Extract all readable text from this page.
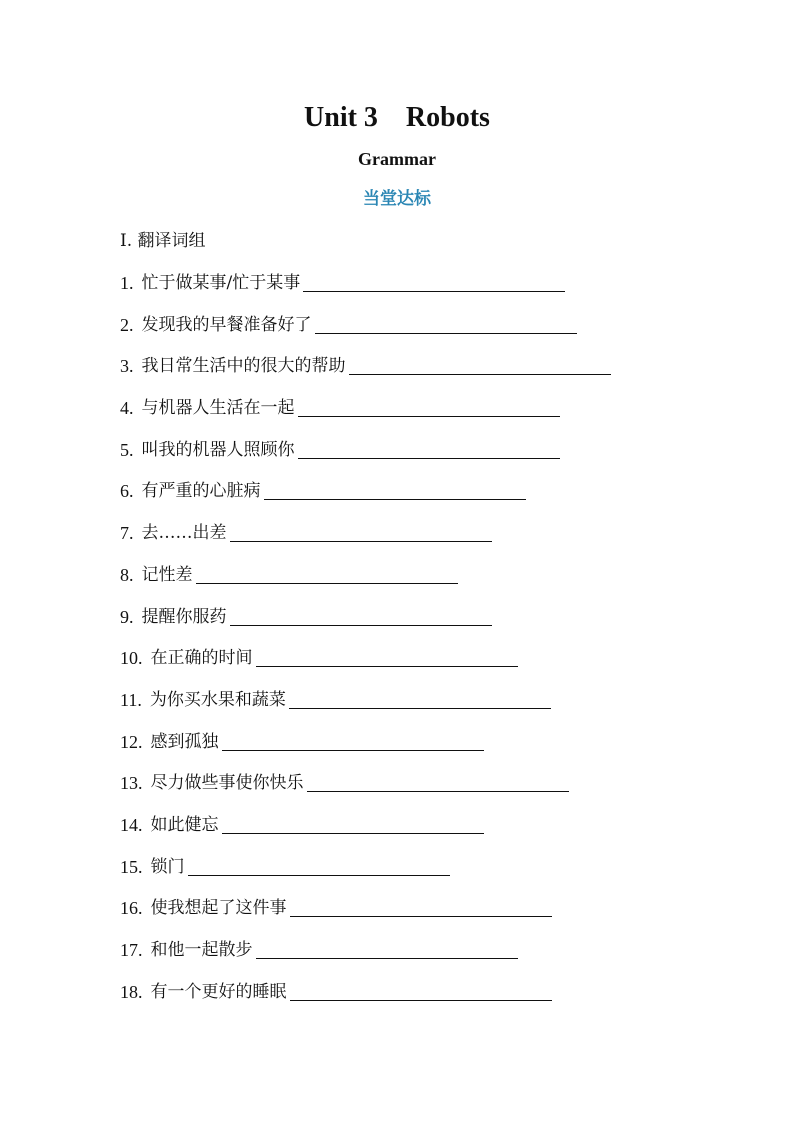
Unit 3    Robots
Grammar
当堂达标
Ⅰ. 翻译词组
1. 忙于做某事/忙于某事
2. 发现我的早餐准备好了
3. 我日常生活中的很大的帮助
4. 与机器人生活在一起
5. 叫我的机器人照顾你
6. 有严重的心脏病
7. 去……出差
8. 记性差
9. 提醒你服药
10. 在正确的时间
11. 为你买水果和蔬菜
12. 感到孤独
13. 尽力做些事使你快乐
14. 如此健忘
15. 锁门
16. 使我想起了这件事
17. 和他一起散步
18. 有一个更好的睡眠
